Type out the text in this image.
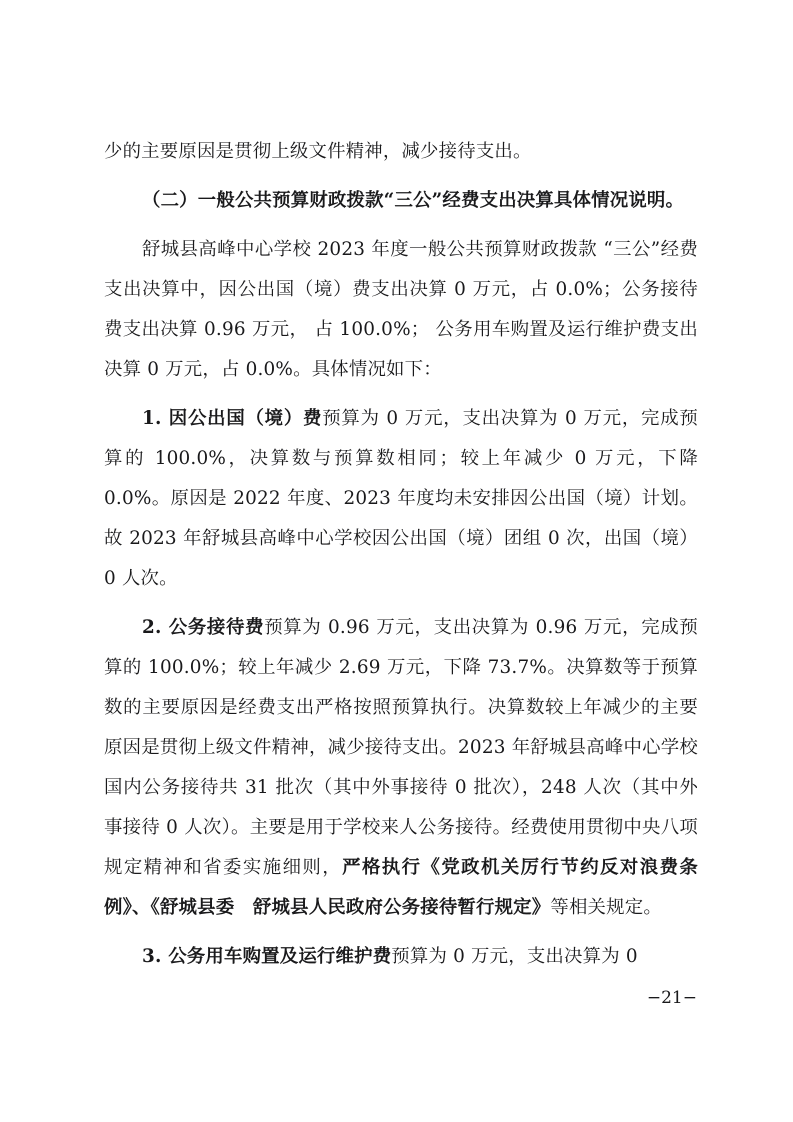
少的主要原因是贯彻上级文件精神，减少接待支出。

（二）一般公共预算财政拨款“三公”经费支出决算具体情况说明。

舒城县高峰中心学校 2023 年度一般公共预算财政拨款 “三公”经费支出决算中，因公出国（境）费支出决算 0 万元，占 0.0%；公务接待费支出决算 0.96 万元， 占 100.0%； 公务用车购置及运行维护费支出决算 0 万元，占 0.0%。具体情况如下：

1. 因公出国（境）费预算为 0 万元，支出决算为 0 万元，完成预算的 100.0%，决算数与预算数相同；较上年减少 0 万元，下降 0.0%。原因是 2022 年度、2023 年度均未安排因公出国（境）计划。故 2023 年舒城县高峰中心学校因公出国（境）团组 0 次，出国（境）0 人次。

2. 公务接待费预算为 0.96 万元，支出决算为 0.96 万元，完成预算的 100.0%；较上年减少 2.69 万元，下降 73.7%。决算数等于预算数的主要原因是经费支出严格按照预算执行。决算数较上年减少的主要原因是贯彻上级文件精神，减少接待支出。2023 年舒城县高峰中心学校国内公务接待共 31 批次（其中外事接待 0 批次），248 人次（其中外事接待 0 人次）。主要是用于学校来人公务接待。经费使用贯彻中央八项规定精神和省委实施细则，严格执行《党政机关厉行节约反对浪费条例》、《舒城县委　舒城县人民政府公务接待暂行规定》等相关规定。

3. 公务用车购置及运行维护费预算为 0 万元，支出决算为 0

−21−
